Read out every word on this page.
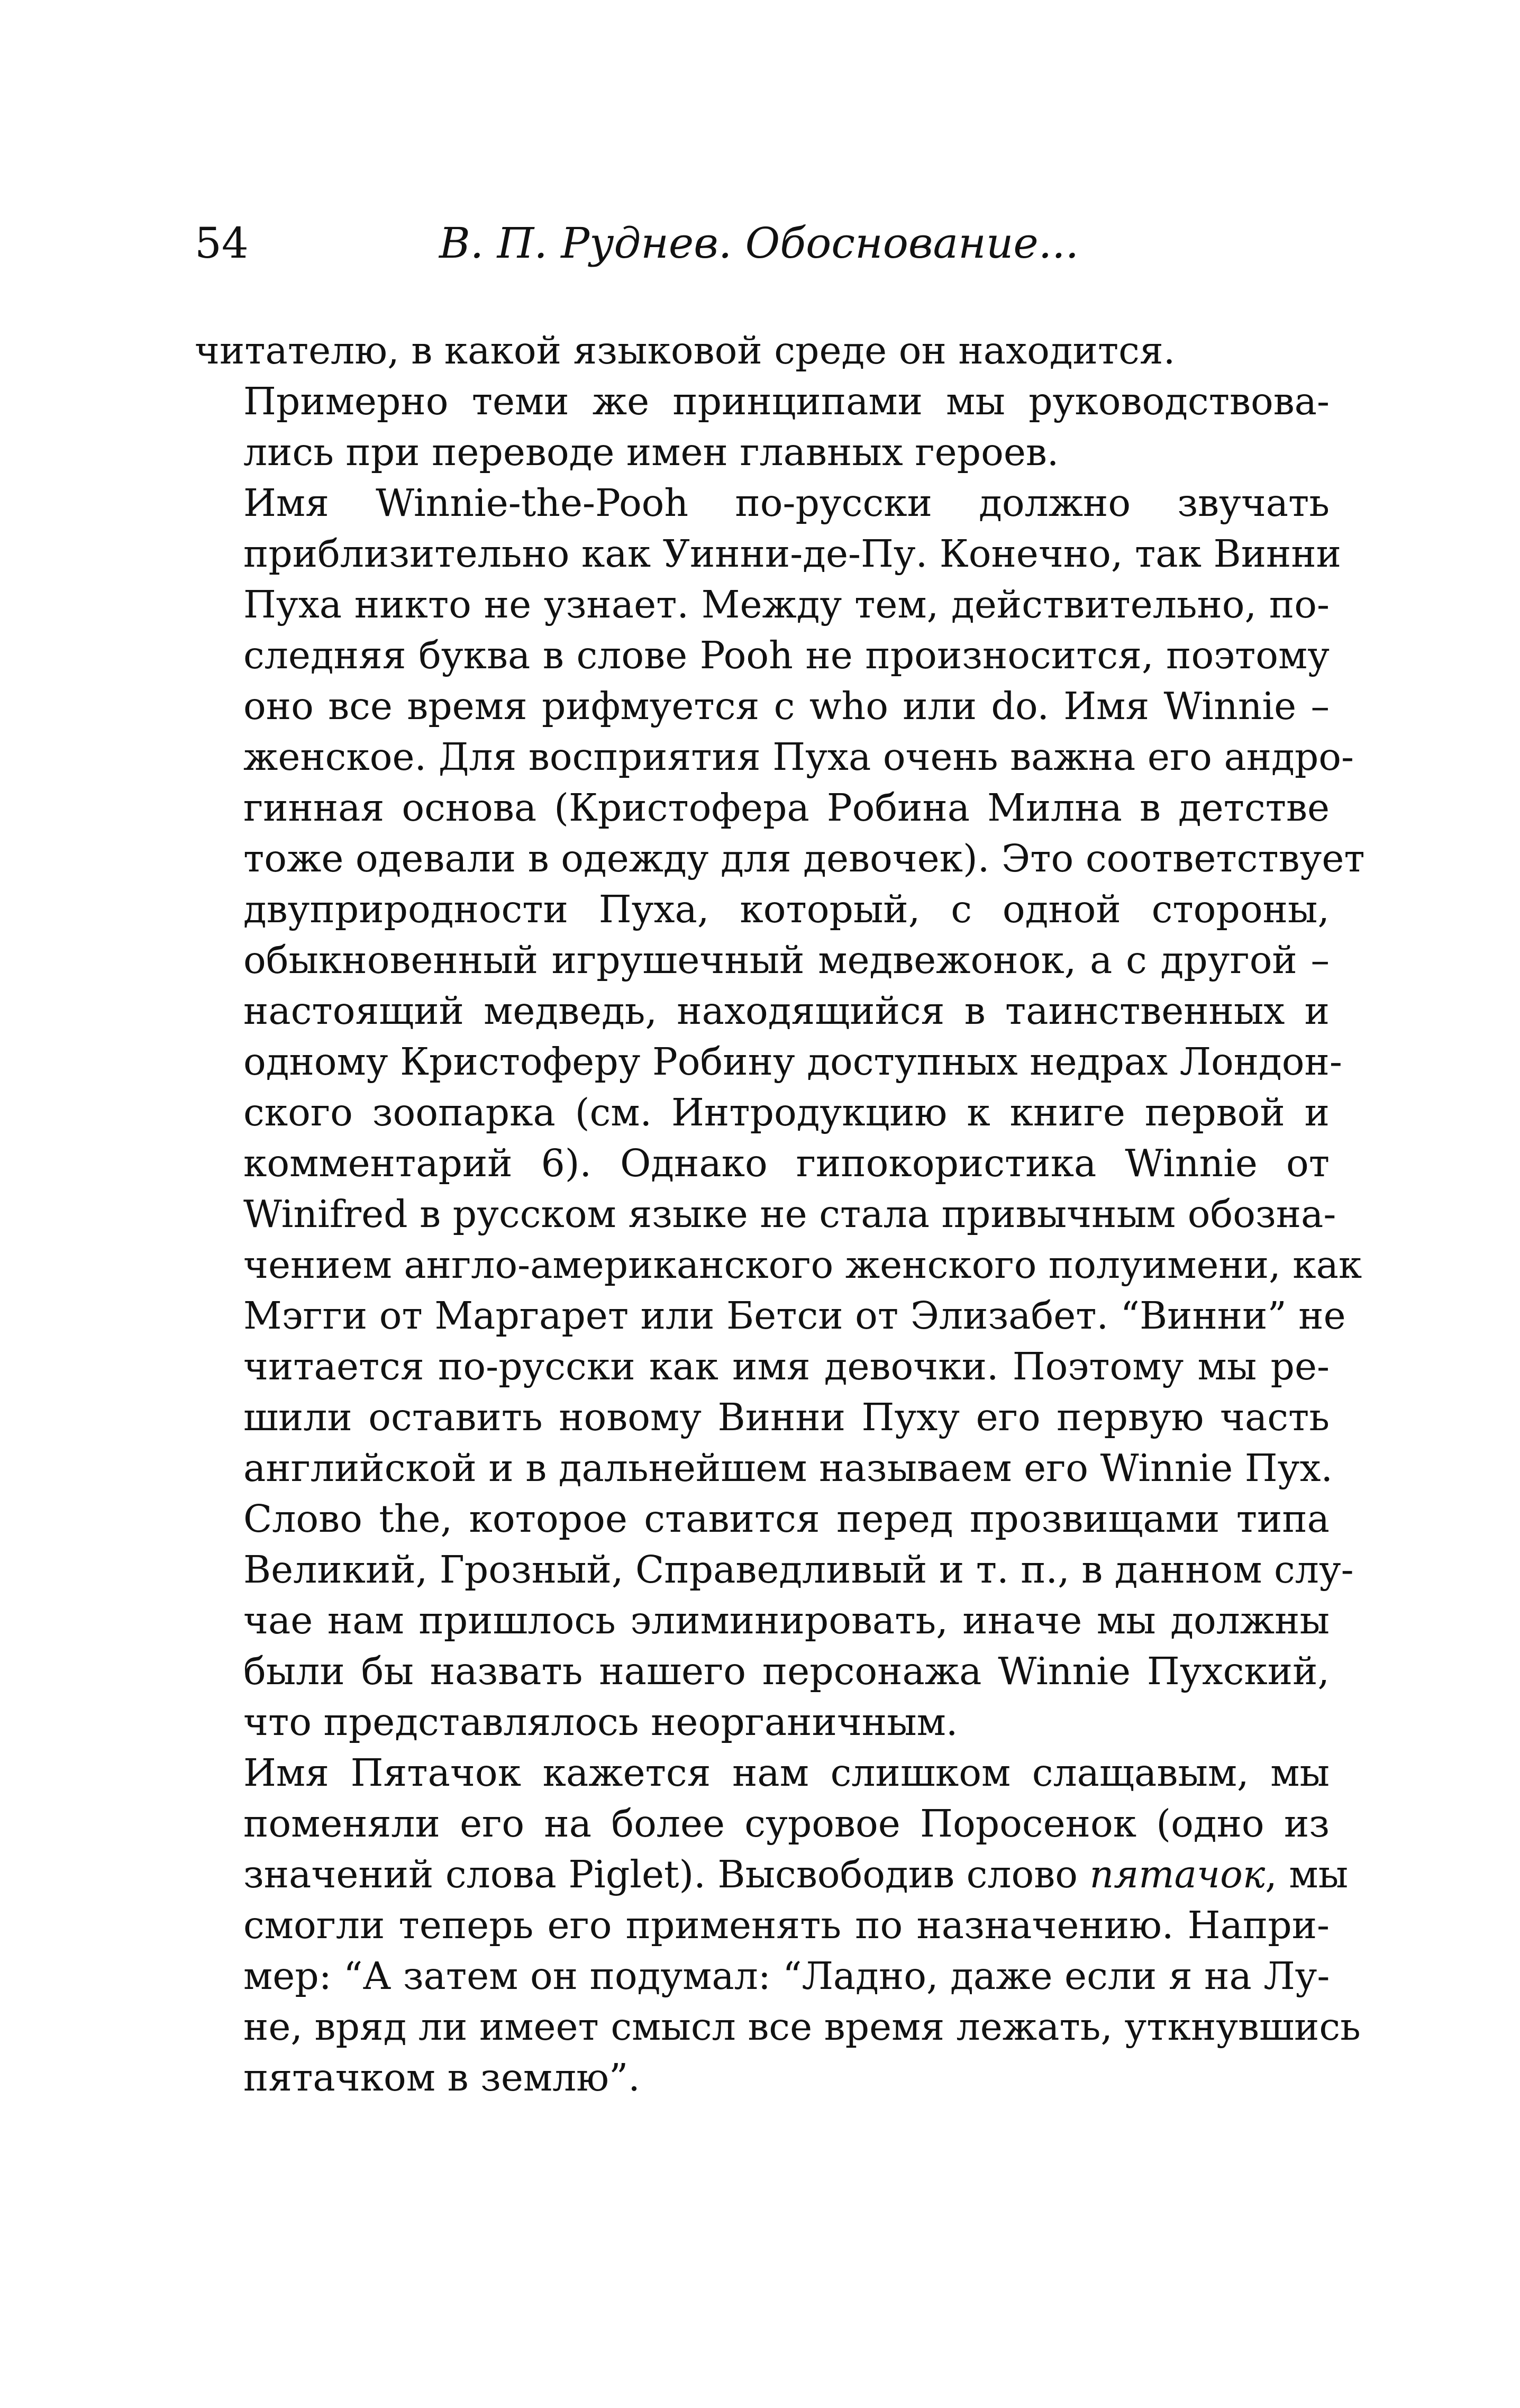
54	В. П. Руднев. Обоснование...

читателю, в какой языковой среде он находится.

Примерно теми же принципами мы руководствова-
лись при переводе имен главных героев.

Имя Winnie-the-Pooh по-русски должно звучать
приблизительно как Уинни-де-Пу. Конечно, так Винни
Пуха никто не узнает. Между тем, действительно, по-
следняя буква в слове Pooh не произносится, поэтому
оно все время рифмуется с who или do. Имя Winnie –
женское. Для восприятия Пуха очень важна его андро-
гинная основа (Кристофера Робина Милна в детстве
тоже одевали в одежду для девочек). Это соответствует
двуприродности Пуха, который, с одной стороны,
обыкновенный игрушечный медвежонок, а с другой –
настоящий медведь, находящийся в таинственных и
одному Кристоферу Робину доступных недрах Лондон-
ского зоопарка (см. Интродукцию к книге первой и
комментарий 6). Однако гипокористика Winnie от
Winifred в русском языке не стала привычным обозна-
чением англо-американского женского полуимени, как
Мэгги от Маргарет или Бетси от Элизабет. “Винни” не
читается по-русски как имя девочки. Поэтому мы ре-
шили оставить новому Винни Пуху его первую часть
английской и в дальнейшем называем его Winnie Пух.
Слово the, которое ставится перед прозвищами типа
Великий, Грозный, Справедливый и т. п., в данном слу-
чае нам пришлось элиминировать, иначе мы должны
были бы назвать нашего персонажа Winnie Пухский,
что представлялось неорганичным.

Имя Пятачок кажется нам слишком слащавым, мы
поменяли его на более суровое Поросенок (одно из
значений слова Piglet). Высвободив слово пятачок, мы
смогли теперь его применять по назначению. Напри-
мер: “А затем он подумал: “Ладно, даже если я на Лу-
не, вряд ли имеет смысл все время лежать, уткнувшись
пятачком в землю”.
